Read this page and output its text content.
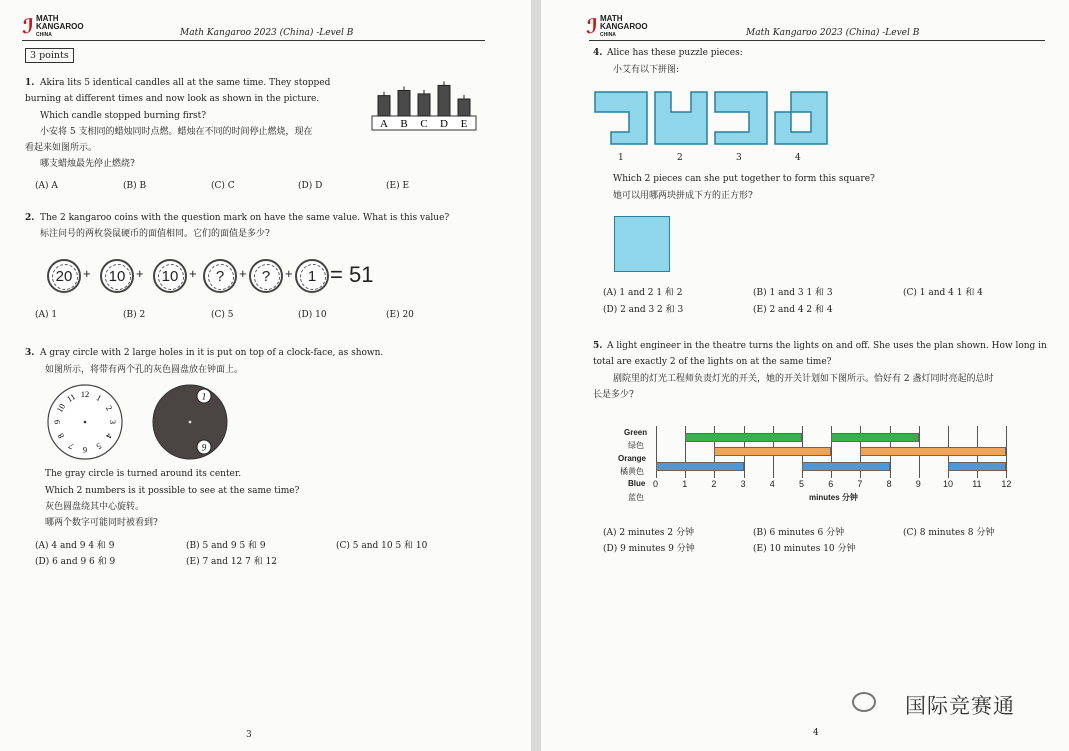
ℐ MATH
KANGAROO
CHINA	Math Kangaroo 2023 (China) -Level B
3 points
1. Akira lits 5 identical candles all at the same time. They stopped
burning at different times and now look as shown in the picture.
Which candle stopped burning first?
小安将 5 支相同的蜡烛同时点燃。蜡烛在不同的时间停止燃烧，现在
看起来如图所示。
哪支蜡烛最先停止燃烧?
A B C D E
(A) A	(B) B	(C) C	(D) D	(E) E
2. The 2 kangaroo coins with the question mark on have the same value. What is this value?
标注问号的两枚袋鼠硬币的面值相同。它们的面值是多少?
20 +	10 +	10 +	?	+	?	+	1 = 51
(A) 1	(B) 2	(C) 5	(D) 10	(E) 20
3. A gray circle with 2 large holes in it is put on top of a clock-face, as shown.
如图所示，将带有两个孔的灰色圆盘放在钟面上。
12 1
2
3
4
5
6
7
8
9
10
11	1
9
The gray circle is turned around its center.
Which 2 numbers is it possible to see at the same time?
灰色圆盘绕其中心旋转。
哪两个数字可能同时被看到?
(A) 4 and 9 4 和 9	(B) 5 and 9 5 和 9	(C) 5 and 10 5 和 10
(D) 6 and 9 6 和 9	(E) 7 and 12 7 和 12
3
ℐ MATH
KANGAROO
CHINA	Math Kangaroo 2023 (China) -Level B
4. Alice has these puzzle pieces:
小艾有以下拼图:
1	2	3	4
Which 2 pieces can she put together to form this square?
她可以用哪两块拼成下方的正方形?
(A) 1 and 2 1 和 2	(B) 1 and 3 1 和 3	(C) 1 and 4 1 和 4
(D) 2 and 3 2 和 3	(E) 2 and 4 2 和 4
5. A light engineer in the theatre turns the lights on and off. She uses the plan shown. How long in
total are exactly 2 of the lights on at the same time?
剧院里的灯光工程师负责灯光的开关，她的开关计划如下图所示。恰好有 2 盏灯同时亮起的总时
长是多少?
Green
绿色
Orange
橘黄色
Blue
蓝色	minutes 分钟
0	1	2	3	4	5	6	7	8	9 10 11 12
(A) 2 minutes 2 分钟	(B) 6 minutes 6 分钟	(C) 8 minutes 8 分钟
(D) 9 minutes 9 分钟	(E) 10 minutes 10 分钟
4
国际竞赛通
